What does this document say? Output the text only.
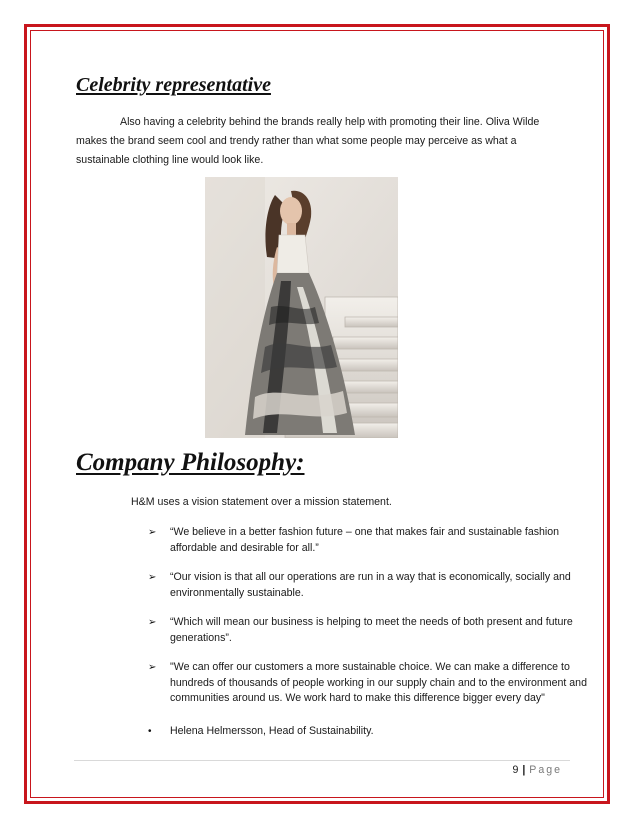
Celebrity representative

Also having a celebrity behind the brands really help with promoting their line. Oliva Wilde makes the brand seem cool and trendy rather than what some people may perceive as what a sustainable clothing line would look like.

Company Philosophy:

H&M uses a vision statement over a mission statement.

➢ “We believe in a better fashion future – one that makes fair and sustainable fashion affordable and desirable for all.”
➢ “Our vision is that all our operations are run in a way that is economically, socially and environmentally sustainable.
➢ “Which will mean our business is helping to meet the needs of both present and future generations”.
➢ "We can offer our customers a more sustainable choice. We can make a difference to hundreds of thousands of people working in our supply chain and to the environment and communities around us. We work hard to make this difference bigger every day"
• Helena Helmersson, Head of Sustainability.
9 | Page
